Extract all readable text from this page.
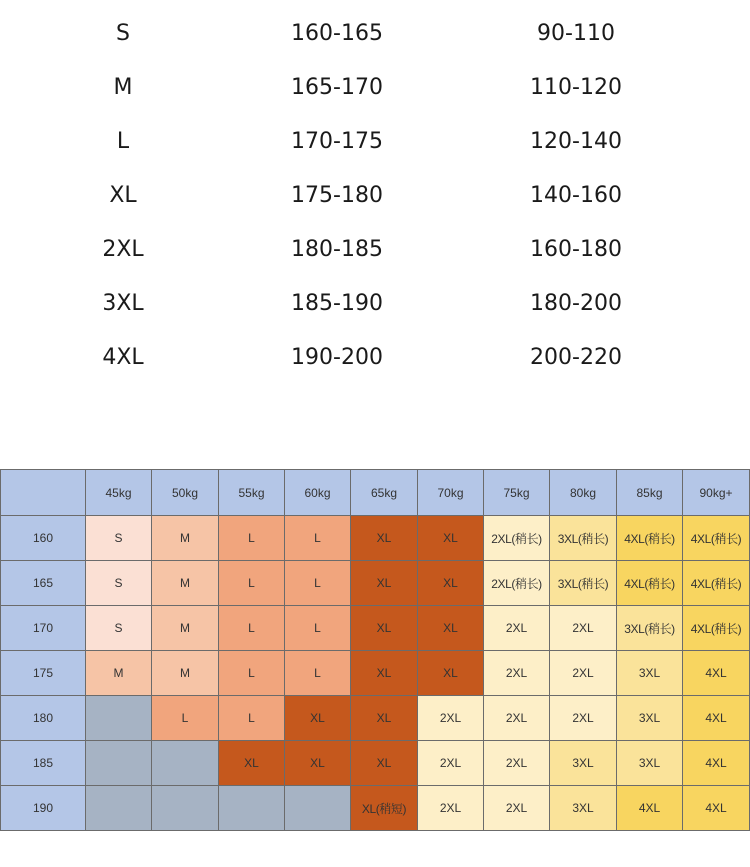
S	160-165	90-110
M	165-170	110-120
L	170-175	120-140
XL	175-180	140-160
2XL	180-185	160-180
3XL	185-190	180-200
4XL	190-200	200-220
	45kg	50kg	55kg	60kg	65kg	70kg	75kg	80kg	85kg	90kg+
160	S	M	L	L	XL	XL	2XL(稍长)	3XL(稍长)	4XL(稍长)	4XL(稍长)
165	S	M	L	L	XL	XL	2XL(稍长)	3XL(稍长)	4XL(稍长)	4XL(稍长)
170	S	M	L	L	XL	XL	2XL	2XL	3XL(稍长)	4XL(稍长)
175	M	M	L	L	XL	XL	2XL	2XL	3XL	4XL
180		L	L	XL	XL	2XL	2XL	2XL	3XL	4XL
185			XL	XL	XL	2XL	2XL	3XL	3XL	4XL
190					XL(稍短)	2XL	2XL	3XL	4XL	4XL
